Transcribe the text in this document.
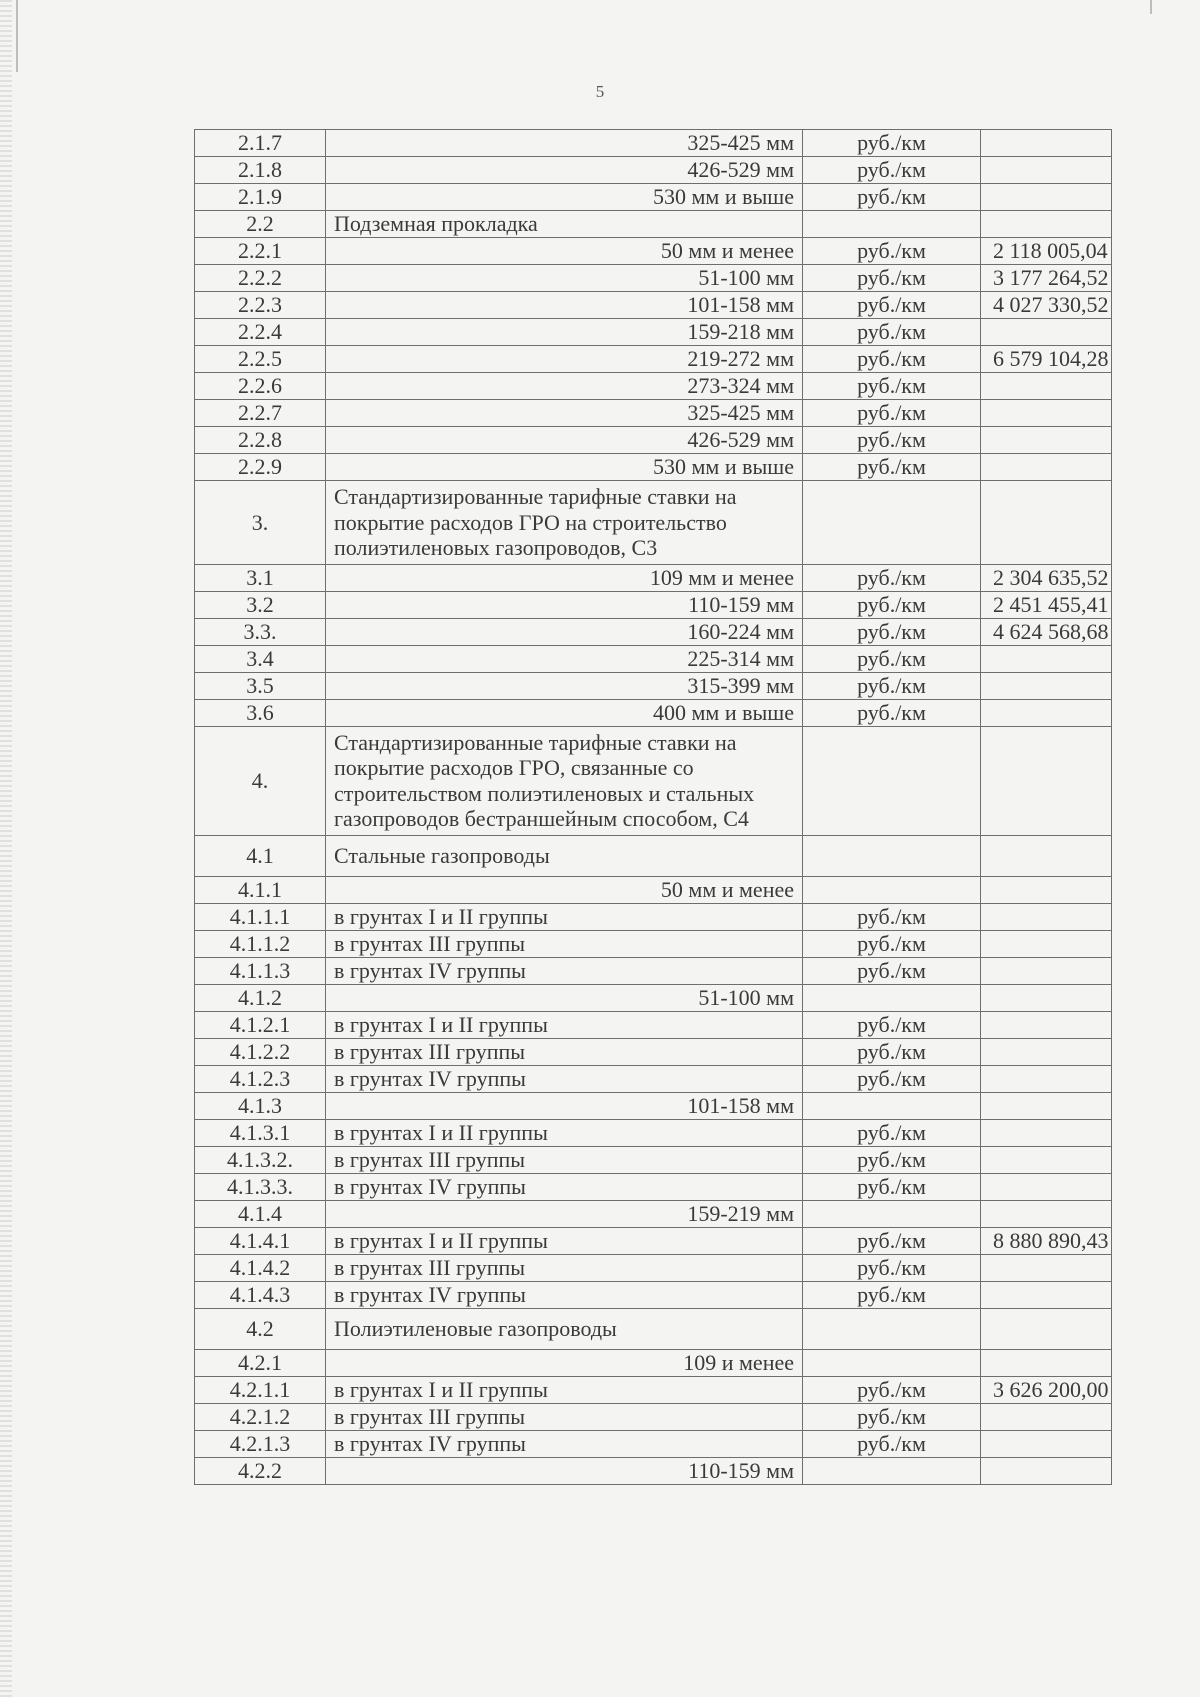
5
2.1.7	325-425 мм	руб./км	
2.1.8	426-529 мм	руб./км	
2.1.9	530 мм и выше	руб./км	
2.2	Подземная прокладка		
2.2.1	50 мм и менее	руб./км	2 118 005,04
2.2.2	51-100 мм	руб./км	3 177 264,52
2.2.3	101-158 мм	руб./км	4 027 330,52
2.2.4	159-218 мм	руб./км	
2.2.5	219-272 мм	руб./км	6 579 104,28
2.2.6	273-324 мм	руб./км	
2.2.7	325-425 мм	руб./км	
2.2.8	426-529 мм	руб./км	
2.2.9	530 мм и выше	руб./км	
3.	Стандартизированные тарифные ставки на покрытие расходов ГРО на строительство полиэтиленовых газопроводов, С3		
3.1	109 мм и менее	руб./км	2 304 635,52
3.2	110-159 мм	руб./км	2 451 455,41
3.3.	160-224 мм	руб./км	4 624 568,68
3.4	225-314 мм	руб./км	
3.5	315-399 мм	руб./км	
3.6	400 мм и выше	руб./км	
4.	Стандартизированные тарифные ставки на покрытие расходов ГРО, связанные со строительством полиэтиленовых и стальных газопроводов бестраншейным способом, С4		
4.1	Стальные газопроводы		
4.1.1	50 мм и менее		
4.1.1.1	в грунтах I и II группы	руб./км	
4.1.1.2	в грунтах III группы	руб./км	
4.1.1.3	в грунтах IV группы	руб./км	
4.1.2	51-100 мм		
4.1.2.1	в грунтах I и II группы	руб./км	
4.1.2.2	в грунтах III группы	руб./км	
4.1.2.3	в грунтах IV группы	руб./км	
4.1.3	101-158 мм		
4.1.3.1	в грунтах I и II группы	руб./км	
4.1.3.2.	в грунтах III группы	руб./км	
4.1.3.3.	в грунтах IV группы	руб./км	
4.1.4	159-219 мм		
4.1.4.1	в грунтах I и II группы	руб./км	8 880 890,43
4.1.4.2	в грунтах III группы	руб./км	
4.1.4.3	в грунтах IV группы	руб./км	
4.2	Полиэтиленовые газопроводы		
4.2.1	109 и менее		
4.2.1.1	в грунтах I и II группы	руб./км	3 626 200,00
4.2.1.2	в грунтах III группы	руб./км	
4.2.1.3	в грунтах IV группы	руб./км	
4.2.2	110-159 мм		
